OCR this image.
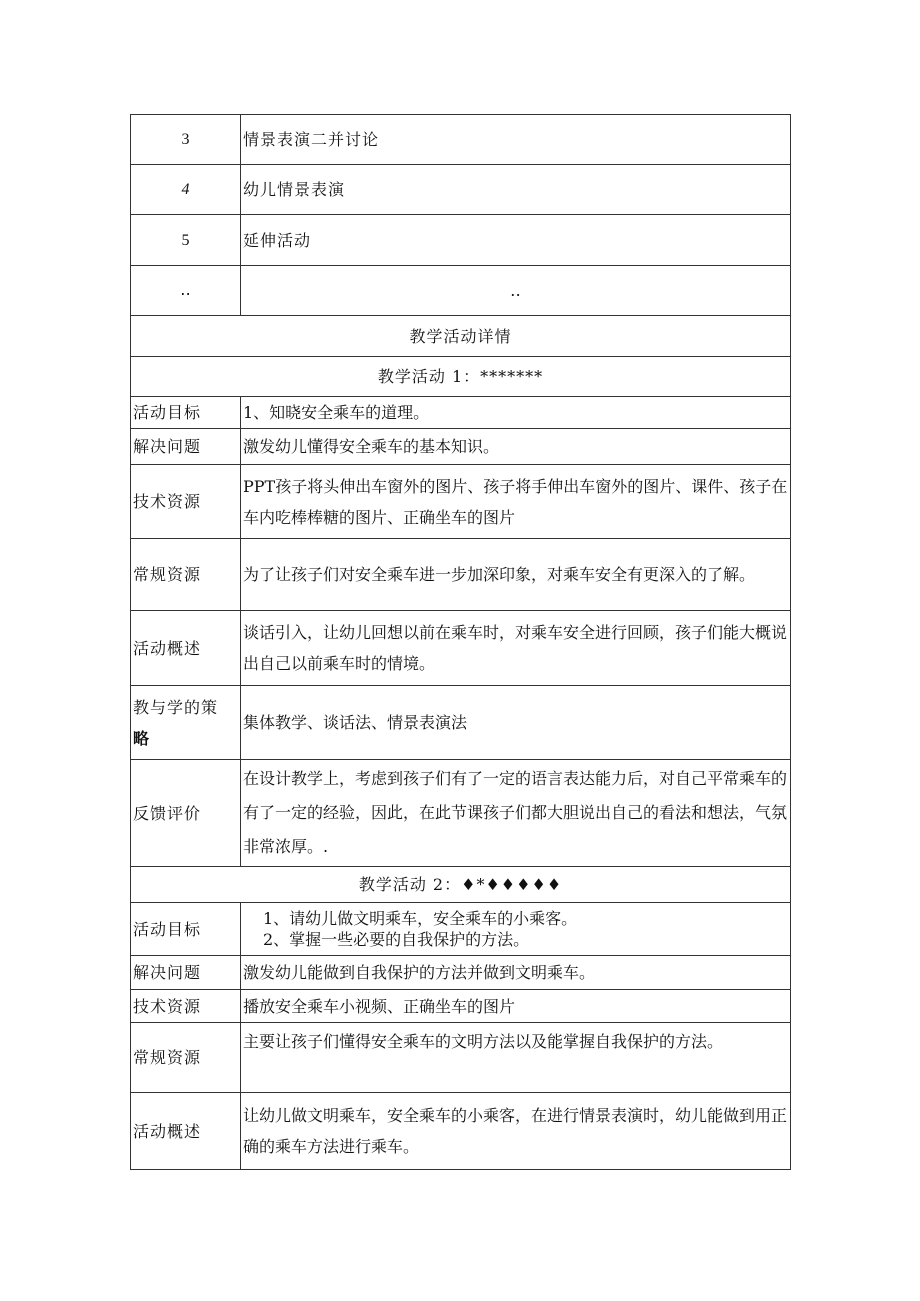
3	情景表演二并讨论
4	幼儿情景表演
5	延伸活动
‥	‥
教学活动详情	
教学活动 1：*******	
活动目标	1、知晓安全乘车的道理。
解决问题	激发幼儿懂得安全乘车的基本知识。
技术资源	PPT孩子将头伸出车窗外的图片、孩子将手伸出车窗外的图片、课件、孩子在车内吃棒棒糖的图片、正确坐车的图片
常规资源	为了让孩子们对安全乘车进一步加深印象，对乘车安全有更深入的了解。
活动概述	谈话引入，让幼儿回想以前在乘车时，对乘车安全进行回顾，孩子们能大概说出自己以前乘车时的情境。
教与学的策
略	集体教学、谈话法、情景表演法
反馈评价	在设计教学上，考虑到孩子们有了一定的语言表达能力后，对自己平常乘车的有了一定的经验，因此，在此节课孩子们都大胆说出自己的看法和想法，气氛非常浓厚。.
教学活动 2：♦*♦♦♦♦♦	
活动目标	1、请幼儿做文明乘车，安全乘车的小乘客。

2、掌握一些必要的自我保护的方法。

解决问题	激发幼儿能做到自我保护的方法并做到文明乘车。
技术资源	播放安全乘车小视频、正确坐车的图片
常规资源	主要让孩子们懂得安全乘车的文明方法以及能掌握自我保护的方法。
活动概述	让幼儿做文明乘车，安全乘车的小乘客，在进行情景表演时，幼儿能做到用正确的乘车方法进行乘车。
